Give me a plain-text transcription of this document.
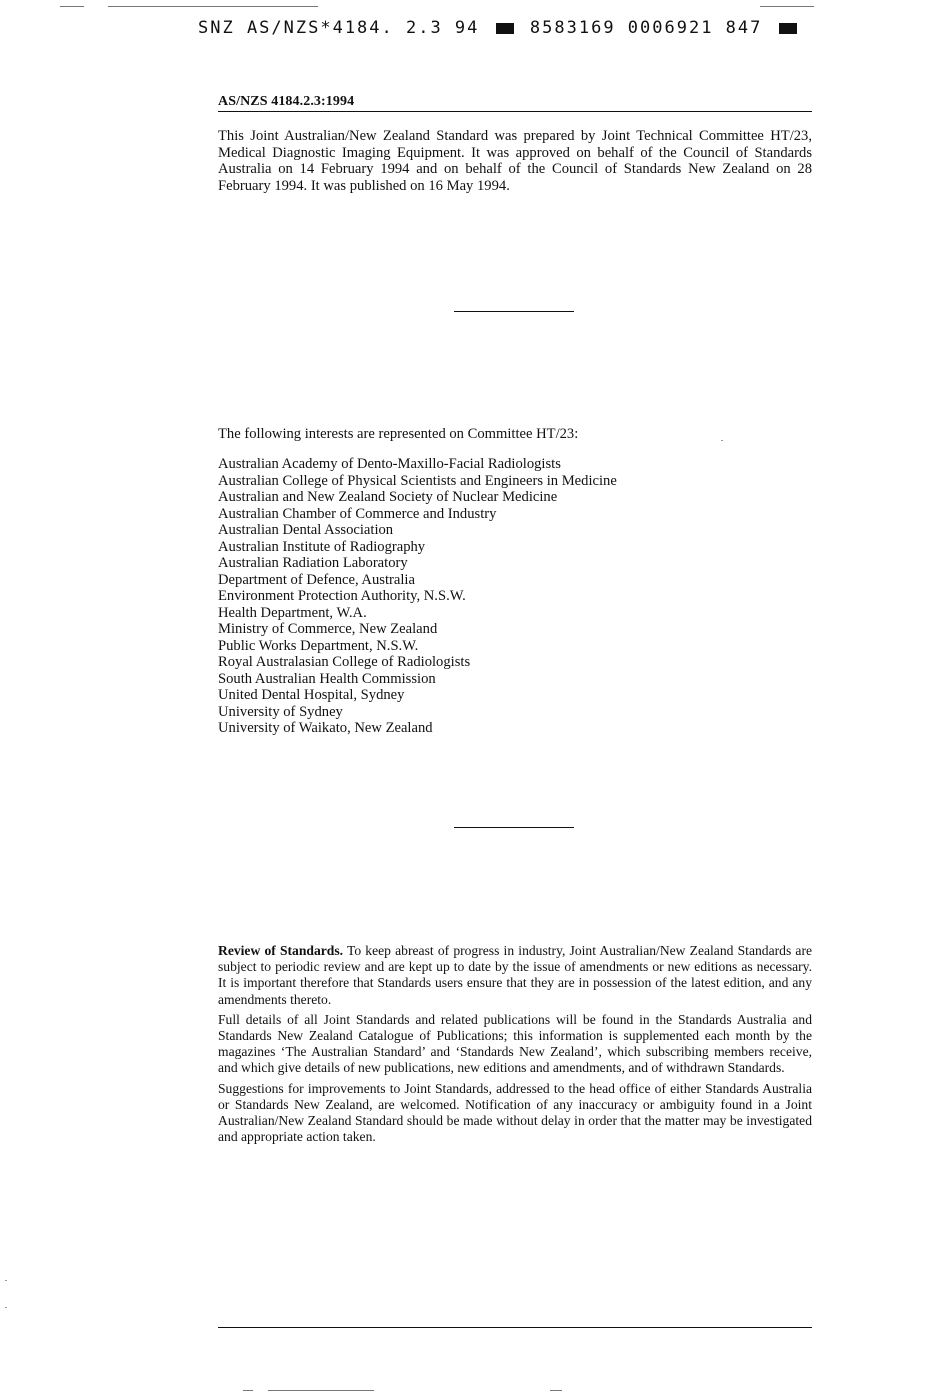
SNZ AS/NZS*4184. 2.3 94	8583169 0006921 847
AS/NZS 4184.2.3:1994
This Joint Australian/New Zealand Standard was prepared by Joint Technical Committee HT/23, Medical Diagnostic Imaging Equipment. It was approved on behalf of the Council of Standards Australia on 14 February 1994 and on behalf of the Council of Standards New Zealand on 28 February 1994. It was published on 16 May 1994.
The following interests are represented on Committee HT/23:
Australian Academy of Dento-Maxillo-Facial Radiologists
Australian College of Physical Scientists and Engineers in Medicine
Australian and New Zealand Society of Nuclear Medicine
Australian Chamber of Commerce and Industry
Australian Dental Association
Australian Institute of Radiography
Australian Radiation Laboratory
Department of Defence, Australia
Environment Protection Authority, N.S.W.
Health Department, W.A.
Ministry of Commerce, New Zealand
Public Works Department, N.S.W.
Royal Australasian College of Radiologists
South Australian Health Commission
United Dental Hospital, Sydney
University of Sydney
University of Waikato, New Zealand

Review of Standards. To keep abreast of progress in industry, Joint Australian/New Zealand Standards are subject to periodic review and are kept up to date by the issue of amendments or new editions as necessary. It is important therefore that Standards users ensure that they are in possession of the latest edition, and any amendments thereto.

Full details of all Joint Standards and related publications will be found in the Standards Australia and Standards New Zealand Catalogue of Publications; this information is supplemented each month by the magazines ‘The Australian Standard’ and ‘Standards New Zealand’, which subscribing members receive, and which give details of new publications, new editions and amendments, and of withdrawn Standards.

Suggestions for improvements to Joint Standards, addressed to the head office of either Standards Australia or Standards New Zealand, are welcomed. Notification of any inaccuracy or ambiguity found in a Joint Australian/New Zealand Standard should be made without delay in order that the matter may be investigated and appropriate action taken.
